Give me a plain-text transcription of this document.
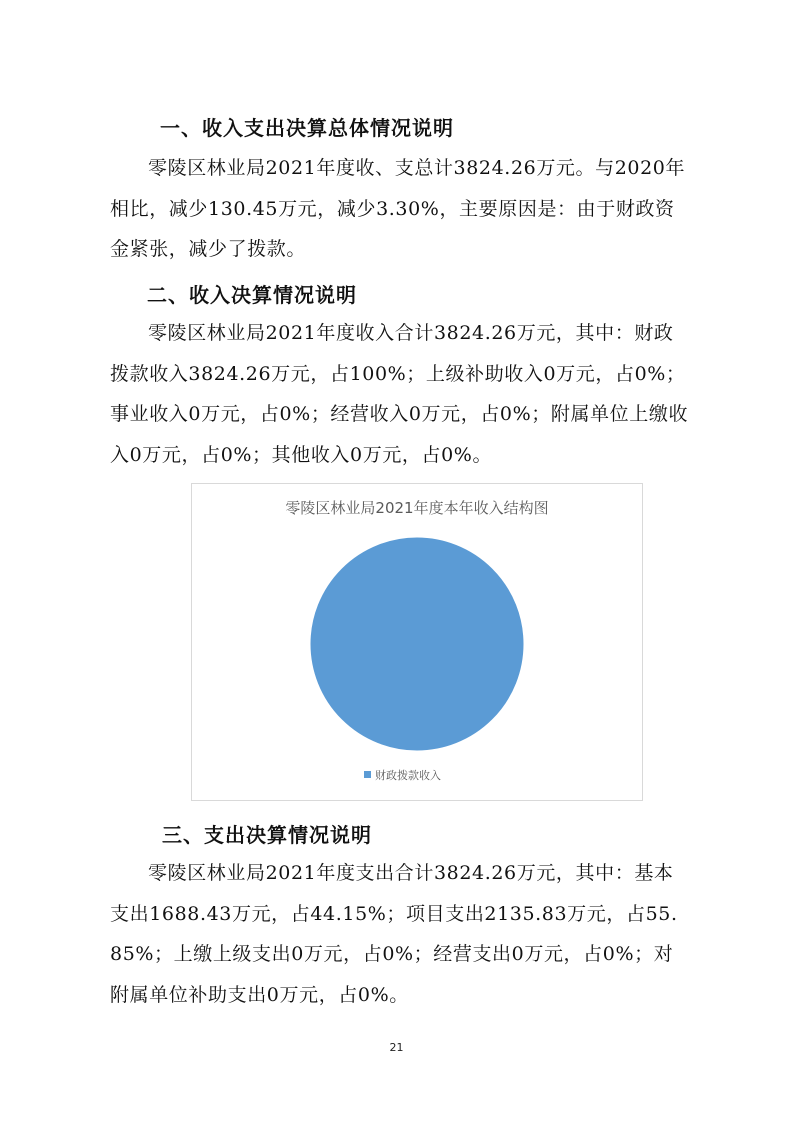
一、收入支出决算总体情况说明
零陵区林业局2021年度收、支总计3824.26万元。与2020年相比，减少130.45万元，减少3.30%，主要原因是：由于财政资金紧张，减少了拨款。
二、收入决算情况说明
零陵区林业局2021年度收入合计3824.26万元，其中：财政拨款收入3824.26万元，占100%；上级补助收入0万元，占0%；事业收入0万元，占0%；经营收入0万元，占0%；附属单位上缴收入0万元，占0%；其他收入0万元，占0%。
零陵区林业局2021年度本年收入结构图
财政拨款收入
三、支出决算情况说明
零陵区林业局2021年度支出合计3824.26万元，其中：基本支出1688.43万元，占44.15%；项目支出2135.83万元，占55.85%；上缴上级支出0万元，占0%；经营支出0万元，占0%；对附属单位补助支出0万元，占0%。
21
